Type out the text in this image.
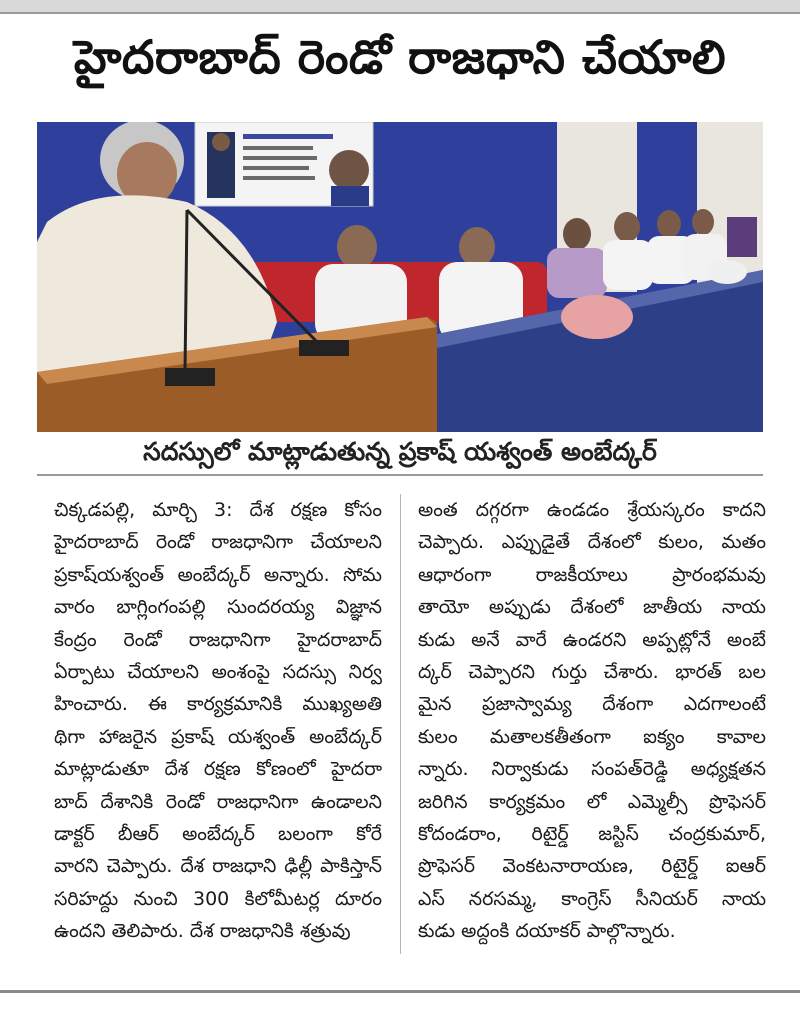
హైదరాబాద్ రెండో రాజధాని చేయాలి
సదస్సులో మాట్లాడుతున్న ప్రకాష్ యశ్వంత్ అంబేద్కర్
చిక్కడపల్లి, మార్చి 3: దేశ రక్షణ కోసం
హైదరాబాద్ రెండో రాజధానిగా చేయాలని
ప్రకాష్‌యశ్వంత్ అంబేద్కర్ అన్నారు. సోమ
వారం బాగ్లింగంపల్లి సుందరయ్య విజ్ఞాన
కేంద్రం రెండో రాజధానిగా హైదరాబాద్
ఏర్పాటు చేయాలని అంశంపై సదస్సు నిర్వ
హించారు. ఈ కార్యక్రమానికి ముఖ్యఅతి
థిగా హాజరైన ప్రకాష్ యశ్వంత్ అంబేద్కర్
మాట్లాడుతూ దేశ రక్షణ కోణంలో హైదరా
బాద్ దేశానికి రెండో రాజధానిగా ఉండాలని
డాక్టర్ బీఆర్ అంబేద్కర్ బలంగా కోరే
వారని చెప్పారు. దేశ రాజధాని ఢిల్లీ పాకిస్తాన్
సరిహద్దు నుంచి 300 కిలోమీటర్ల దూరం
ఉందని తెలిపారు. దేశ రాజధానికి శత్రువు
అంత దగ్గరగా ఉండడం శ్రేయస్కరం కాదని
చెప్పారు. ఎప్పుడైతే దేశంలో కులం, మతం
ఆధారంగా రాజకీయాలు ప్రారంభమవు
తాయో అప్పుడు దేశంలో జాతీయ నాయ
కుడు అనే వారే ఉండరని అప్పట్లోనే అంబే
ద్కర్ చెప్పారని గుర్తు చేశారు. భారత్ బల
మైన ప్రజాస్వామ్య దేశంగా ఎదగాలంటే
కులం మతాలకతీతంగా ఐక్యం కావాల
న్నారు. నిర్వాకుడు సంపత్‌రెడ్డి అధ్యక్షతన
జరిగిన కార్యక్రమం లో ఎమ్మెల్సీ ప్రొఫెసర్
కోదండరాం, రిటైర్డ్ జస్టిస్ చంద్రకుమార్,
ప్రొఫెసర్ వెంకటనారాయణ, రిటైర్డ్ ఐఆర్
ఎస్ నరసమ్మ, కాంగ్రెస్ సీనియర్ నాయ
కుడు అద్దంకి దయాకర్ పాల్గొన్నారు.
